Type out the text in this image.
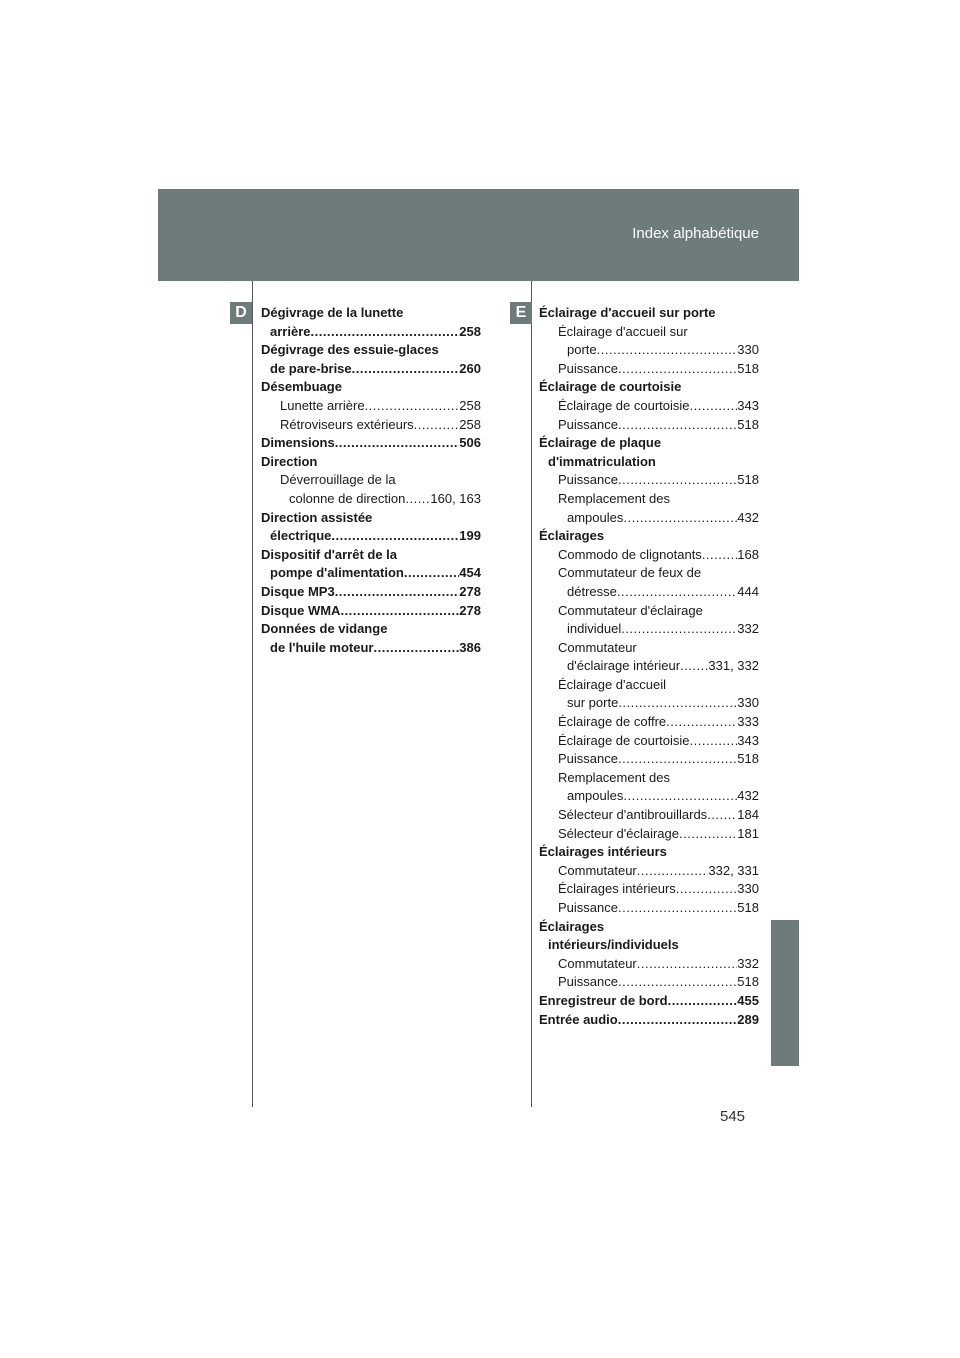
Index alphabétique
D	E
Dégivrage de la lunette
arrière .....	258
Dégivrage des essuie-glaces
de pare-brise .....	260
Désembuage
Lunette arrière .....	258
Rétroviseurs extérieurs .....	258
Dimensions .....	506
Direction
Déverrouillage de la
colonne de direction ..... 160, 163
Direction assistée
électrique .....	199
Dispositif d'arrêt de la
pompe d'alimentation .....	454
Disque MP3 .....	278
Disque WMA .....	278
Données de vidange
de l'huile moteur .....	386
Éclairage d'accueil sur porte
Éclairage d'accueil sur
porte .....	330
Puissance .....	518
Éclairage de courtoisie
Éclairage de courtoisie .....	343
Puissance .....	518
Éclairage de plaque
d'immatriculation
Puissance .....	518
Remplacement des
ampoules .....	432
Éclairages
Commodo de clignotants .....	168
Commutateur de feux de
détresse .....	444
Commutateur d'éclairage
individuel .....	332
Commutateur
d'éclairage intérieur ..... 331, 332
Éclairage d'accueil
sur porte .....	330
Éclairage de coffre .....	333
Éclairage de courtoisie .....	343
Puissance .....	518
Remplacement des
ampoules .....	432
Sélecteur d'antibrouillards ..... 184
Sélecteur d'éclairage .....	181
Éclairages intérieurs
Commutateur .....	332, 331
Éclairages intérieurs .....	330
Puissance .....	518
Éclairages
intérieurs/individuels
Commutateur .....	332
Puissance .....	518
Enregistreur de bord .....	455
Entrée audio .....	289
545
